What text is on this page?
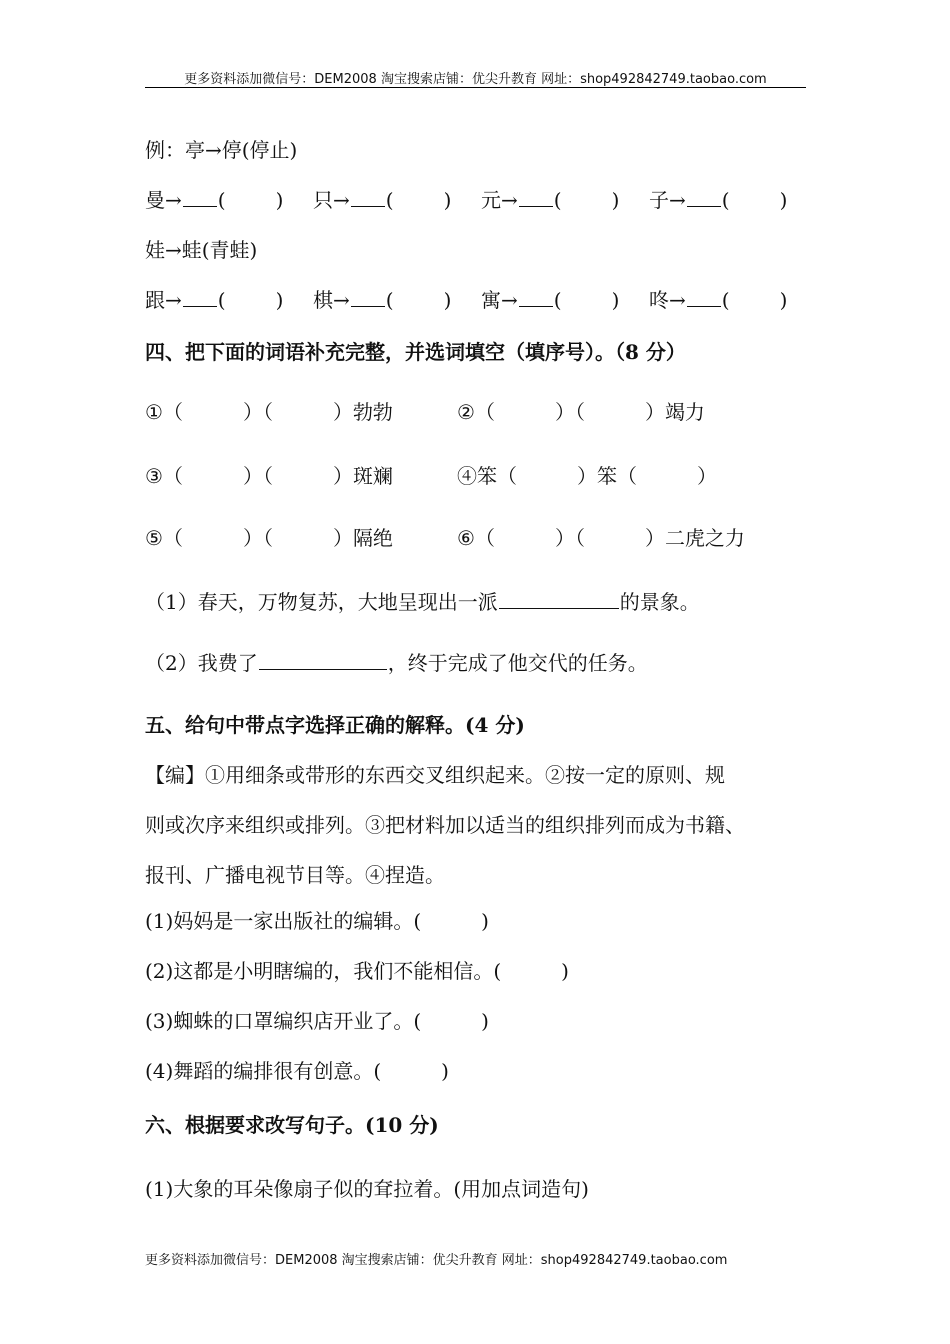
更多资料添加微信号：DEM2008 淘宝搜索店铺：优尖升教育 网址：shop492842749.taobao.com
例：亭→停(停止)
曼→ (	) 只→ (	) 元→ (	) 子→ (	)
娃→蛙(青蛙)
跟→ (	) 棋→ (	) 寓→ (	) 咚→ (	)
四、把下面的词语补充完整，并选词填空（填序号）。（8 分）
①（	）（	）勃勃	②（	）（	）竭力
③（	）（	）斑斓	④笨（	）笨（	）
⑤（	）（	）隔绝	⑥（	）（	）二虎之力
（1）春天，万物复苏，大地呈现出一派	的景象。
（2）我费了	，终于完成了他交代的任务。
五、给句中带点字选择正确的解释。(4 分)
【编】①用细条或带形的东西交叉组织起来。②按一定的原则、规
则或次序来组织或排列。③把材料加以适当的组织排列而成为书籍、
报刊、广播电视节目等。④捏造。
(1)妈妈是一家出版社的编辑。(　　　)
(2)这都是小明瞎编的，我们不能相信。(　　　)
(3)蜘蛛的口罩编织店开业了。(　　　)
(4)舞蹈的编排很有创意。(　　　)
六、根据要求改写句子。(10 分)
(1)大象的耳朵像扇子似的耷拉着。(用加点词造句)
更多资料添加微信号：DEM2008 淘宝搜索店铺：优尖升教育 网址：shop492842749.taobao.com
